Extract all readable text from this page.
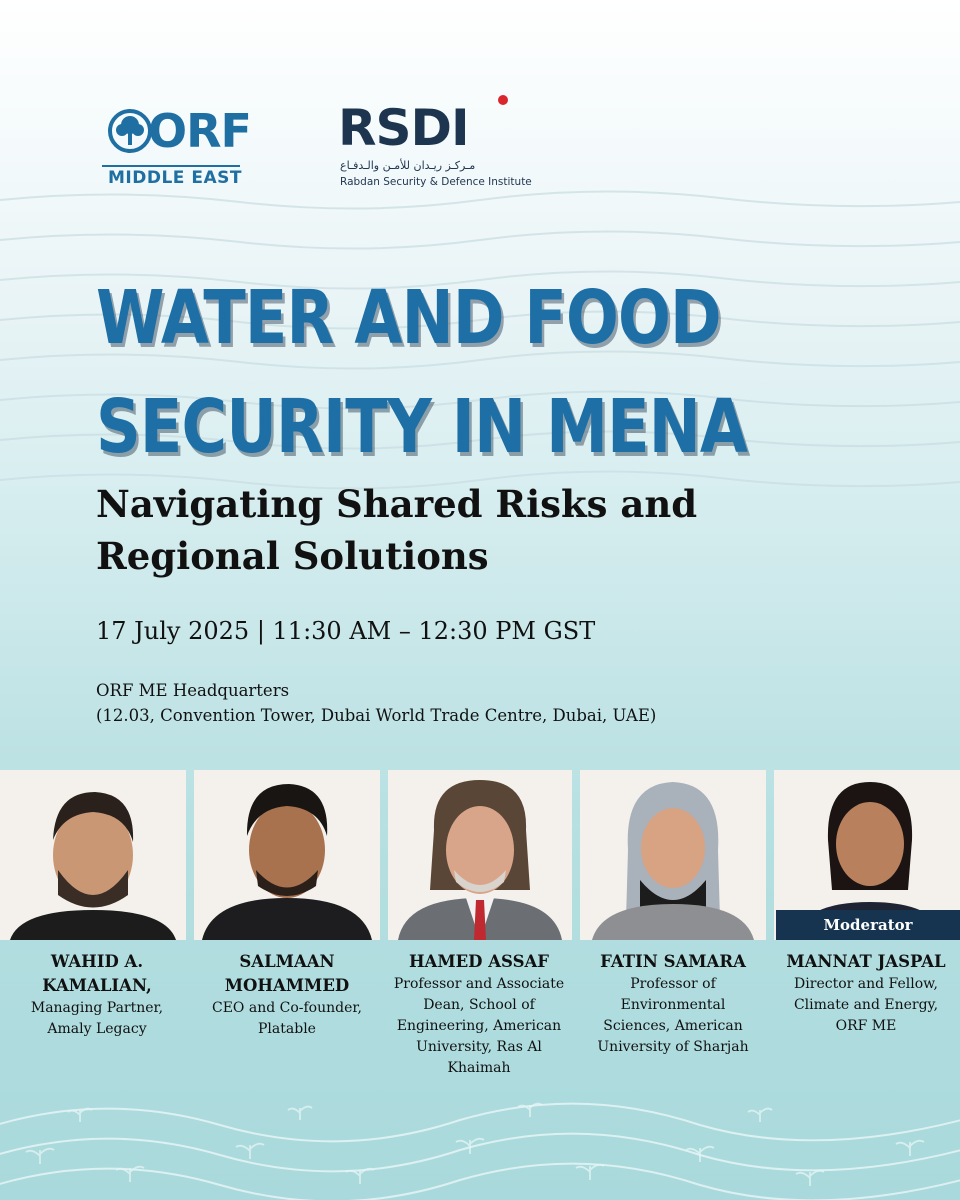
ORF
MIDDLE EAST
RSDI
مـركـز ريـدان للأمـن والـدفـاع
Rabdan Security & Defence Institute
WATER AND FOOD
SECURITY IN MENA
Navigating Shared Risks and Regional Solutions
17 July 2025 | 11:30 AM – 12:30 PM GST
ORF ME Headquarters
(12.03, Convention Tower, Dubai World Trade Centre, Dubai, UAE)
Moderator
WAHID A. KAMALIAN,
Managing Partner, Amaly Legacy
SALMAAN MOHAMMED
CEO and Co-founder, Platable
HAMED ASSAF
Professor and Associate Dean, School of Engineering, American University, Ras Al Khaimah
FATIN SAMARA
Professor of Environmental Sciences, American University of Sharjah
MANNAT JASPAL
Director and Fellow, Climate and Energy, ORF ME
